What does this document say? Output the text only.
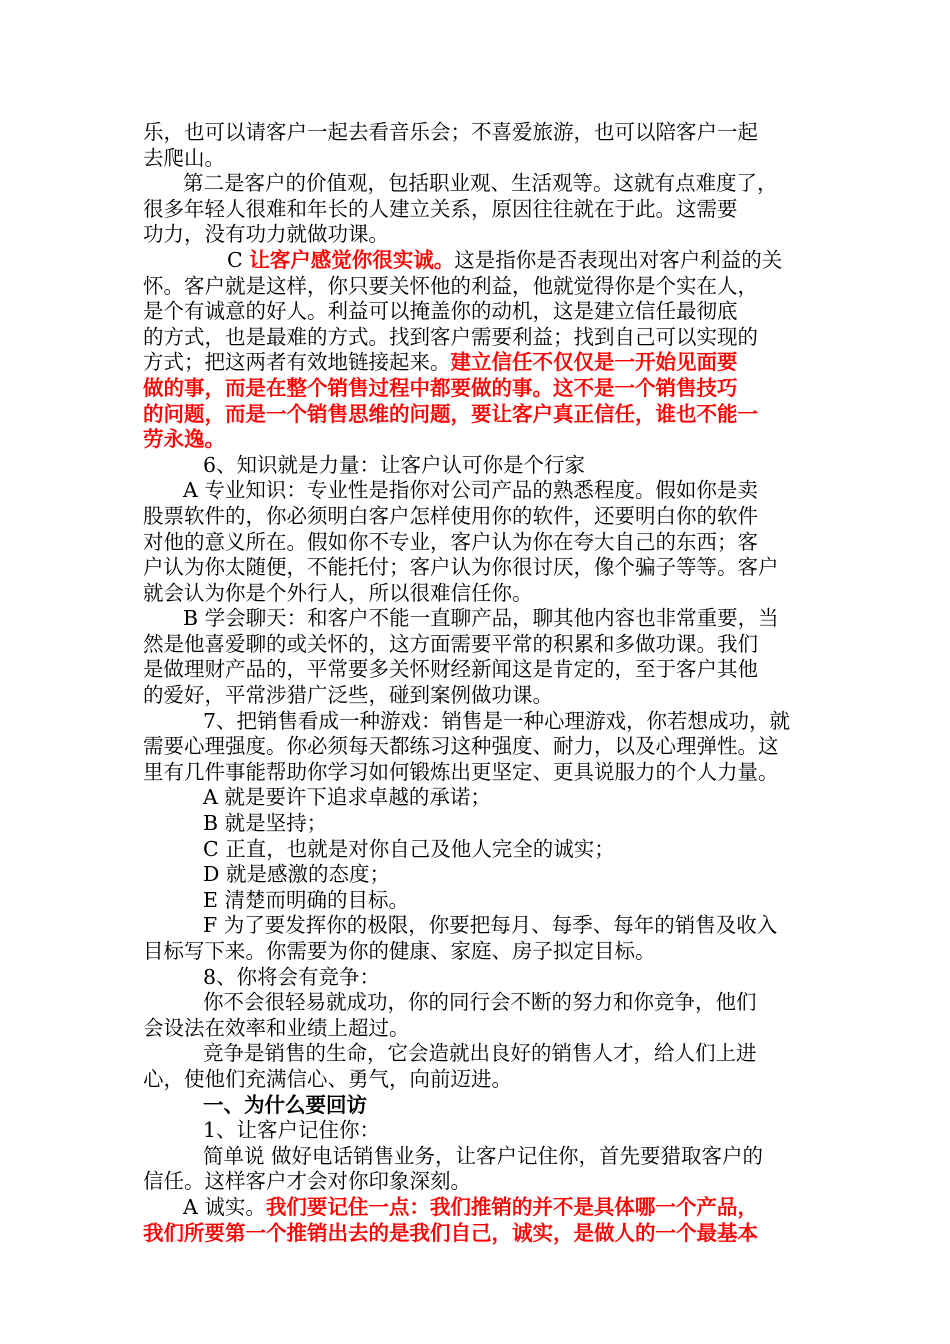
乐，也可以请客户一起去看音乐会；不喜爱旅游，也可以陪客户一起

去爬山。

第二是客户的价值观，包括职业观、生活观等。这就有点难度了，

很多年轻人很难和年长的人建立关系，原因往往就在于此。这需要

功力，没有功力就做功课。

C 让客户感觉你很实诚。这是指你是否表现出对客户利益的关

怀。客户就是这样，你只要关怀他的利益，他就觉得你是个实在人，

是个有诚意的好人。利益可以掩盖你的动机，这是建立信任最彻底

的方式，也是最难的方式。找到客户需要利益；找到自己可以实现的

方式；把这两者有效地链接起来。建立信任不仅仅是一开始见面要

做的事，而是在整个销售过程中都要做的事。这不是一个销售技巧

的问题，而是一个销售思维的问题，要让客户真正信任，谁也不能一

劳永逸。

6、知识就是力量：让客户认可你是个行家

A 专业知识：专业性是指你对公司产品的熟悉程度。假如你是卖

股票软件的，你必须明白客户怎样使用你的软件，还要明白你的软件

对他的意义所在。假如你不专业，客户认为你在夸大自己的东西；客

户认为你太随便，不能托付；客户认为你很讨厌，像个骗子等等。客户

就会认为你是个外行人，所以很难信任你。

B 学会聊天：和客户不能一直聊产品，聊其他内容也非常重要，当

然是他喜爱聊的或关怀的，这方面需要平常的积累和多做功课。我们

是做理财产品的，平常要多关怀财经新闻这是肯定的，至于客户其他

的爱好，平常涉猎广泛些，碰到案例做功课。

7、把销售看成一种游戏：销售是一种心理游戏，你若想成功，就

需要心理强度。你必须每天都练习这种强度、耐力，以及心理弹性。这

里有几件事能帮助你学习如何锻炼出更坚定、更具说服力的个人力量。

A 就是要许下追求卓越的承诺；

B 就是坚持；

C 正直，也就是对你自己及他人完全的诚实；

D 就是感激的态度；

E 清楚而明确的目标。

F 为了要发挥你的极限，你要把每月、每季、每年的销售及收入

目标写下来。你需要为你的健康、家庭、房子拟定目标。

8、你将会有竞争：

你不会很轻易就成功，你的同行会不断的努力和你竞争，他们

会设法在效率和业绩上超过。

竞争是销售的生命，它会造就出良好的销售人才，给人们上进

心，使他们充满信心、勇气，向前迈进。

一、为什么要回访

1、让客户记住你：

简单说 做好电话销售业务，让客户记住你，首先要猎取客户的

信任。这样客户才会对你印象深刻。

A 诚实。我们要记住一点：我们推销的并不是具体哪一个产品，

我们所要第一个推销出去的是我们自己，诚实，是做人的一个最基本
